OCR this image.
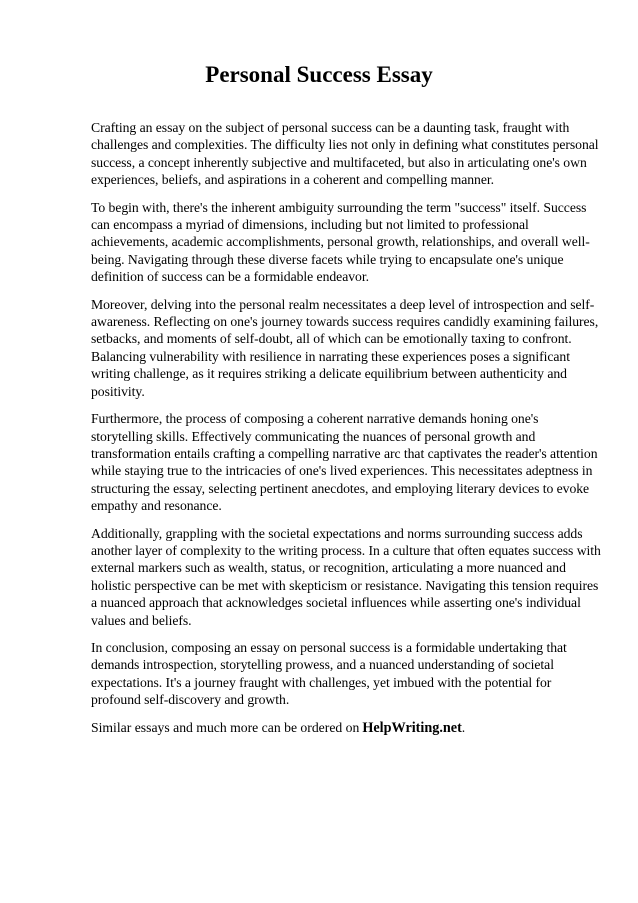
Personal Success Essay

Crafting an essay on the subject of personal success can be a daunting task, fraught with challenges and complexities. The difficulty lies not only in defining what constitutes personal success, a concept inherently subjective and multifaceted, but also in articulating one's own experiences, beliefs, and aspirations in a coherent and compelling manner.

To begin with, there's the inherent ambiguity surrounding the term "success" itself. Success can encompass a myriad of dimensions, including but not limited to professional achievements, academic accomplishments, personal growth, relationships, and overall well-being. Navigating through these diverse facets while trying to encapsulate one's unique definition of success can be a formidable endeavor.

Moreover, delving into the personal realm necessitates a deep level of introspection and self-awareness. Reflecting on one's journey towards success requires candidly examining failures, setbacks, and moments of self-doubt, all of which can be emotionally taxing to confront. Balancing vulnerability with resilience in narrating these experiences poses a significant writing challenge, as it requires striking a delicate equilibrium between authenticity and positivity.

Furthermore, the process of composing a coherent narrative demands honing one's storytelling skills. Effectively communicating the nuances of personal growth and transformation entails crafting a compelling narrative arc that captivates the reader's attention while staying true to the intricacies of one's lived experiences. This necessitates adeptness in structuring the essay, selecting pertinent anecdotes, and employing literary devices to evoke empathy and resonance.

Additionally, grappling with the societal expectations and norms surrounding success adds another layer of complexity to the writing process. In a culture that often equates success with external markers such as wealth, status, or recognition, articulating a more nuanced and holistic perspective can be met with skepticism or resistance. Navigating this tension requires a nuanced approach that acknowledges societal influences while asserting one's individual values and beliefs.

In conclusion, composing an essay on personal success is a formidable undertaking that demands introspection, storytelling prowess, and a nuanced understanding of societal expectations. It's a journey fraught with challenges, yet imbued with the potential for profound self-discovery and growth.

Similar essays and much more can be ordered on HelpWriting.net.
